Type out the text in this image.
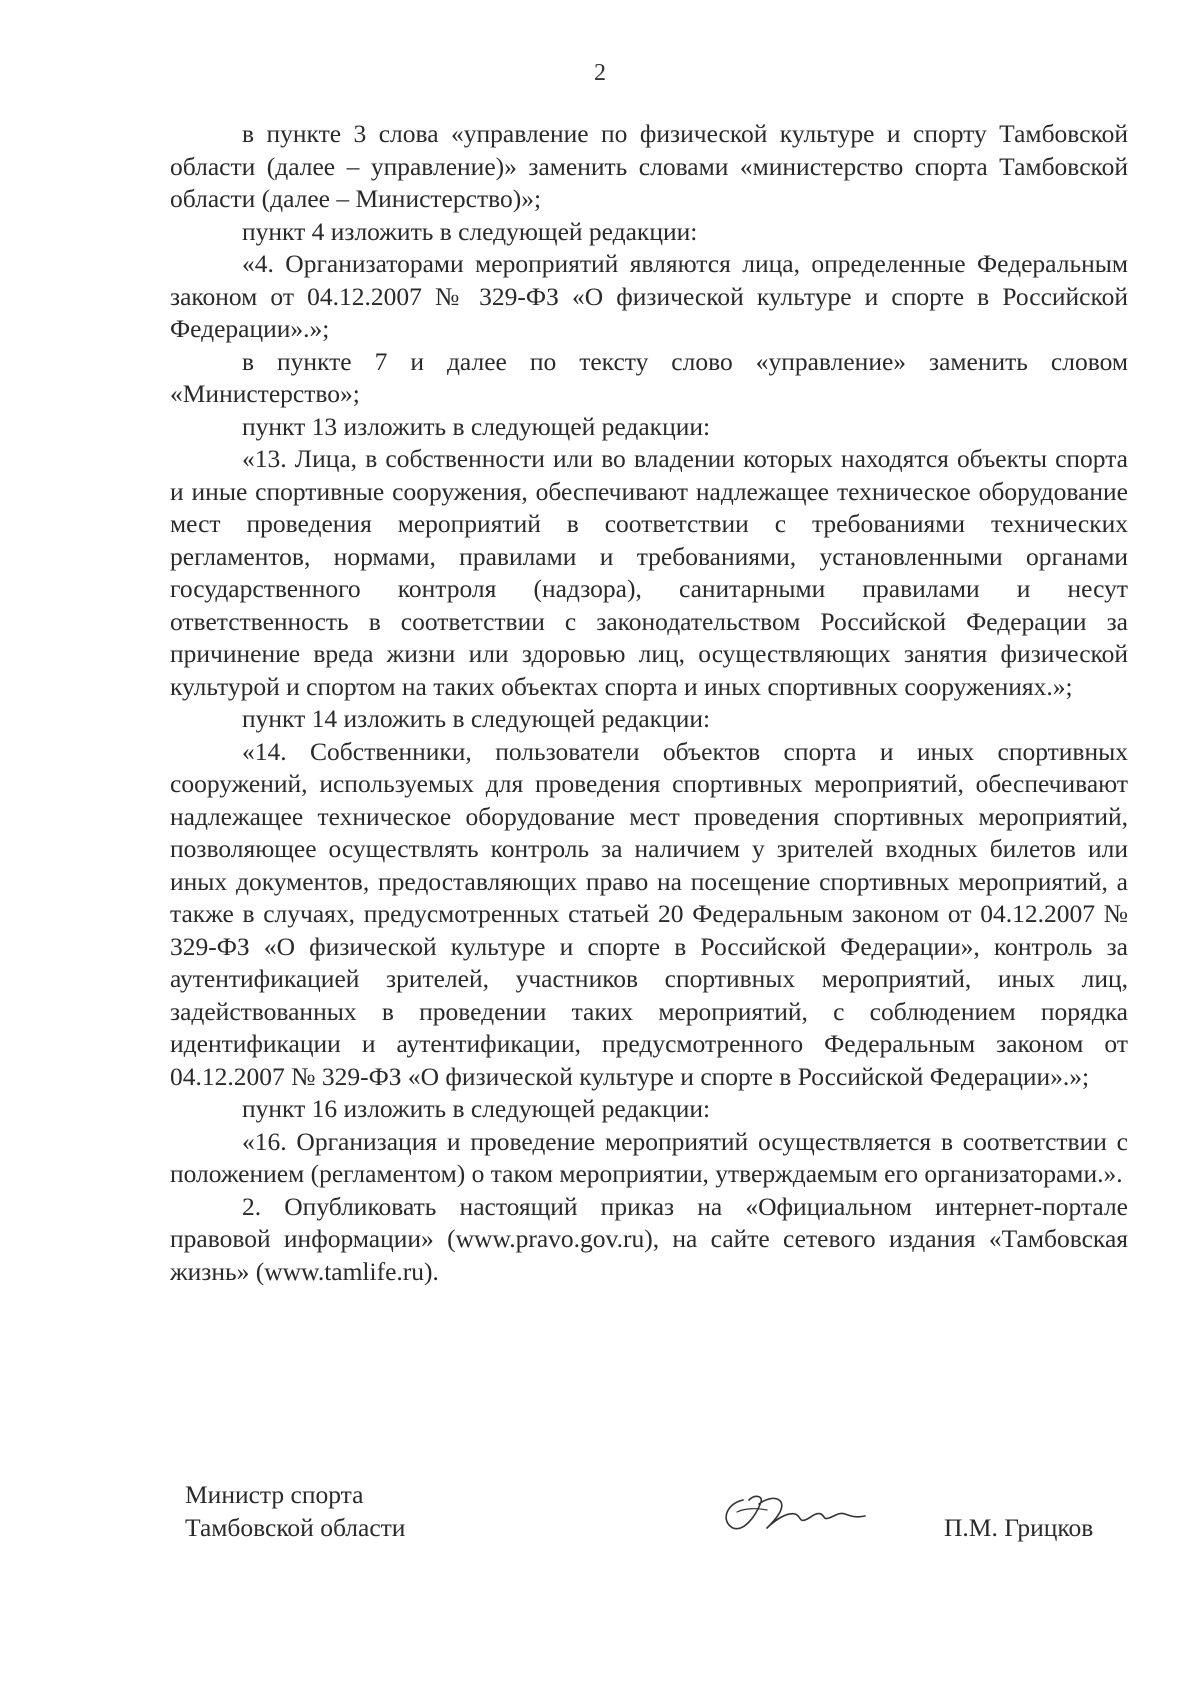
2

в пункте 3 слова «управление по физической культуре и спорту Тамбовской области (далее – управление)» заменить словами «министерство спорта Тамбовской области (далее – Министерство)»;

пункт 4 изложить в следующей редакции:

«4. Организаторами мероприятий являются лица, определенные Федеральным законом от 04.12.2007 № 329-ФЗ «О физической культуре и спорте в Российской Федерации».»;

в пункте 7 и далее по тексту слово «управление» заменить словом «Министерство»;

пункт 13 изложить в следующей редакции:

«13. Лица, в собственности или во владении которых находятся объекты спорта и иные спортивные сооружения, обеспечивают надлежащее техническое оборудование мест проведения мероприятий в соответствии с требованиями технических регламентов, нормами, правилами и требованиями, установленными органами государственного контроля (надзора), санитарными правилами и несут ответственность в соответствии с законодательством Российской Федерации за причинение вреда жизни или здоровью лиц, осуществляющих занятия физической культурой и спортом на таких объектах спорта и иных спортивных сооружениях.»;

пункт 14 изложить в следующей редакции:

«14. Собственники, пользователи объектов спорта и иных спортивных сооружений, используемых для проведения спортивных мероприятий, обеспечивают надлежащее техническое оборудование мест проведения спортивных мероприятий, позволяющее осуществлять контроль за наличием у зрителей входных билетов или иных документов, предоставляющих право на посещение спортивных мероприятий, а также в случаях, предусмотренных статьей 20 Федеральным законом от 04.12.2007 № 329-ФЗ «О физической культуре и спорте в Российской Федерации», контроль за аутентификацией зрителей, участников спортивных мероприятий, иных лиц, задействованных в проведении таких мероприятий, с соблюдением порядка идентификации и аутентификации, предусмотренного Федеральным законом от 04.12.2007 № 329-ФЗ «О физической культуре и спорте в Российской Федерации».»;

пункт 16 изложить в следующей редакции:

«16. Организация и проведение мероприятий осуществляется в соответствии с положением (регламентом) о таком мероприятии, утверждаемым его организаторами.».

2. Опубликовать настоящий приказ на «Официальном интернет-портале правовой информации» (www.pravo.gov.ru), на сайте сетевого издания «Тамбовская жизнь» (www.tamlife.ru).

Министр спорта
Тамбовской области	П.М. Грицков
